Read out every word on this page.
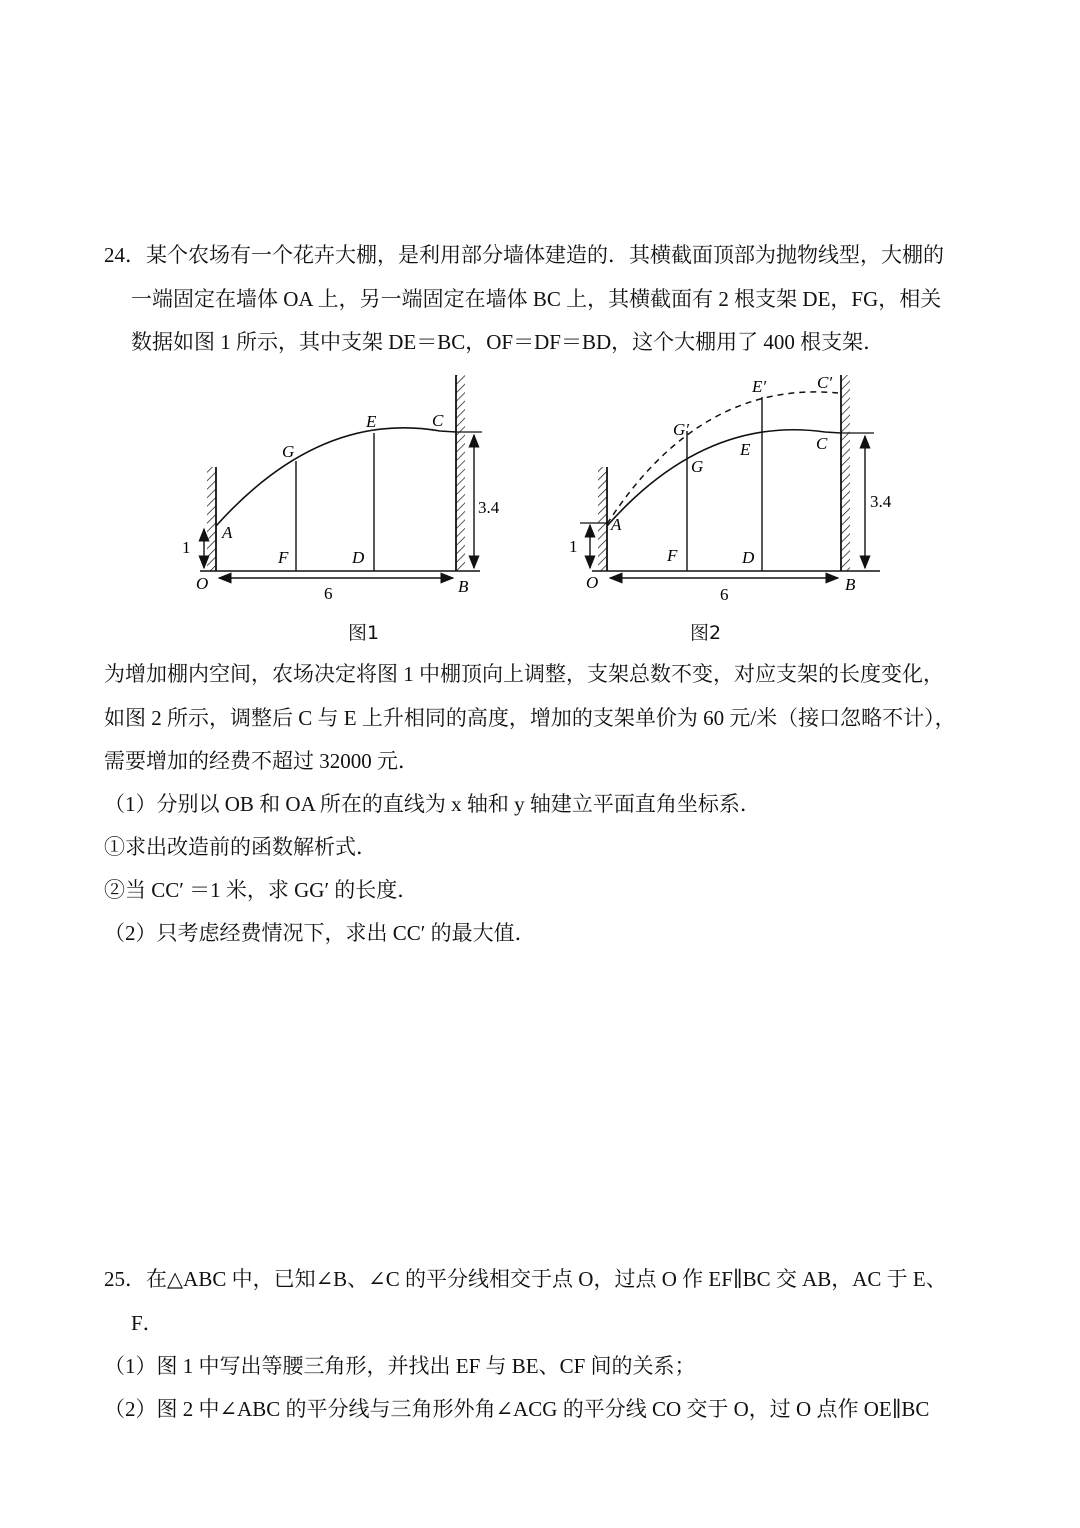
24．某个农场有一个花卉大棚，是利用部分墙体建造的．其横截面顶部为抛物线型，大棚的
一端固定在墙体 OA 上，另一端固定在墙体 BC 上，其横截面有 2 根支架 DE，FG，相关
数据如图 1 所示，其中支架 DE＝BC，OF＝DF＝BD，这个大棚用了 400 根支架．
A
O
F	D
B
G
E	C
1
6
3.4
图1
A
O
F	D
B
G
E	C
G′
E′	C′
1
6
3.4
图2
为增加棚内空间，农场决定将图 1 中棚顶向上调整，支架总数不变，对应支架的长度变化，
如图 2 所示，调整后 C 与 E 上升相同的高度，增加的支架单价为 60 元/米（接口忽略不计），
需要增加的经费不超过 32000 元．
（1）分别以 OB 和 OA 所在的直线为 x 轴和 y 轴建立平面直角坐标系．
①求出改造前的函数解析式．
②当 CC′ ＝1 米，求 GG′ 的长度．
（2）只考虑经费情况下，求出 CC′ 的最大值．
25．在△ABC 中，已知∠B、∠C 的平分线相交于点 O，过点 O 作 EF∥BC 交 AB，AC 于 E、
F．
（1）图 1 中写出等腰三角形，并找出 EF 与 BE、CF 间的关系；
（2）图 2 中∠ABC 的平分线与三角形外角∠ACG 的平分线 CO 交于 O，过 O 点作 OE∥BC
